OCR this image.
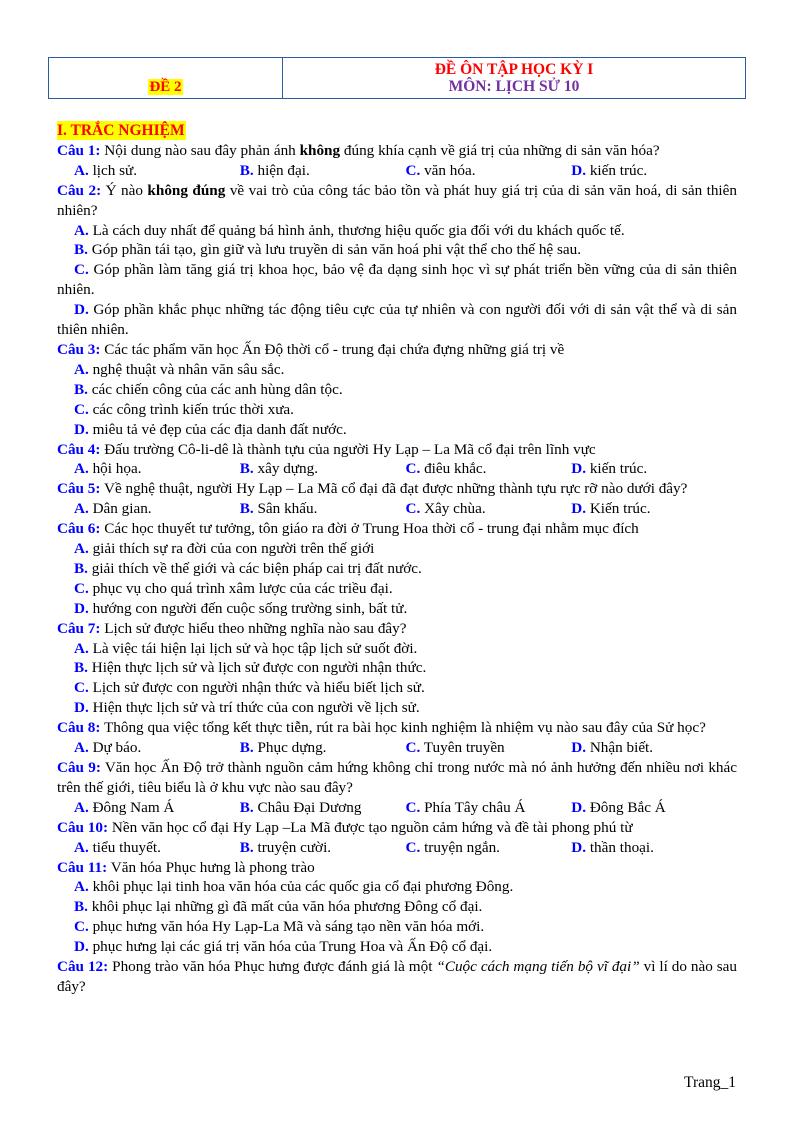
ĐỀ 2
ĐỀ ÔN TẬP HỌC KỲ I
MÔN: LỊCH SỬ 10
I. TRẮC NGHIỆM
Câu 1: Nội dung nào sau đây phản ánh không đúng khía cạnh về giá trị của những di sản văn hóa?
A. lịch sử.	B. hiện đại.	C. văn hóa.	D. kiến trúc.
Câu 2: Ý nào không đúng về vai trò của công tác bảo tồn và phát huy giá trị của di sản văn hoá, di sản thiên nhiên?
A. Là cách duy nhất để quảng bá hình ảnh, thương hiệu quốc gia đối với du khách quốc tế.
B. Góp phần tái tạo, gìn giữ và lưu truyền di sản văn hoá phi vật thể cho thế hệ sau.
C. Góp phần làm tăng giá trị khoa học, bảo vệ đa dạng sinh học vì sự phát triển bền vững của di sản thiên nhiên.
D. Góp phần khắc phục những tác động tiêu cực của tự nhiên và con người đối với di sản vật thể và di sản thiên nhiên.
Câu 3: Các tác phẩm văn học Ấn Độ thời cổ - trung đại chứa đựng những giá trị về
A. nghệ thuật và nhân văn sâu sắc.
B. các chiến công của các anh hùng dân tộc.
C. các công trình kiến trúc thời xưa.
D. miêu tả vẻ đẹp của các địa danh đất nước.
Câu 4: Đấu trường Cô-li-dê là thành tựu của người Hy Lạp – La Mã cổ đại trên lĩnh vực
A. hội họa.	B. xây dựng.	C. điêu khắc.	D. kiến trúc.
Câu 5: Về nghệ thuật, người Hy Lạp – La Mã cổ đại đã đạt được những thành tựu rực rỡ nào dưới đây?
A. Dân gian.	B. Sân khấu.	C. Xây chùa.	D. Kiến trúc.
Câu 6: Các học thuyết tư tưởng, tôn giáo ra đời ở Trung Hoa thời cổ - trung đại nhằm mục đích
A. giải thích sự ra đời của con người trên thế giới
B. giải thích về thế giới và các biện pháp cai trị đất nước.
C. phục vụ cho quá trình xâm lược của các triều đại.
D. hướng con người đến cuộc sống trường sinh, bất tử.
Câu 7: Lịch sử được hiểu theo những nghĩa nào sau đây?
A. Là việc tái hiện lại lịch sử và học tập lịch sử suốt đời.
B. Hiện thực lịch sử và lịch sử được con người nhận thức.
C. Lịch sử được con người nhận thức và hiểu biết lịch sử.
D. Hiện thực lịch sử và trí thức của con người về lịch sử.
Câu 8: Thông qua việc tổng kết thực tiễn, rút ra bài học kinh nghiệm là nhiệm vụ nào sau đây của Sử học?
A. Dự báo.	B. Phục dựng.	C. Tuyên truyền	D. Nhận biết.
Câu 9: Văn học Ấn Độ trở thành nguồn cảm hứng không chỉ trong nước mà nó ảnh hưởng đến nhiều nơi khác trên thế giới, tiêu biểu là ở khu vực nào sau đây?
A. Đông Nam Á	B. Châu Đại Dương	C. Phía Tây châu Á	D. Đông Bắc Á
Câu 10: Nền văn học cổ đại Hy Lạp –La Mã được tạo nguồn cảm hứng và đề tài phong phú từ
A. tiểu thuyết.	B. truyện cười.	C. truyện ngắn.	D. thần thoại.
Câu 11: Văn hóa Phục hưng là phong trào
A. khôi phục lại tinh hoa văn hóa của các quốc gia cổ đại phương Đông.
B. khôi phục lại những gì đã mất của văn hóa phương Đông cổ đại.
C. phục hưng văn hóa Hy Lạp-La Mã và sáng tạo nền văn hóa mới.
D. phục hưng lại các giá trị văn hóa của Trung Hoa và Ấn Độ cổ đại.
Câu 12: Phong trào văn hóa Phục hưng được đánh giá là một “Cuộc cách mạng tiến bộ vĩ đại” vì lí do nào sau đây?
Trang_1
